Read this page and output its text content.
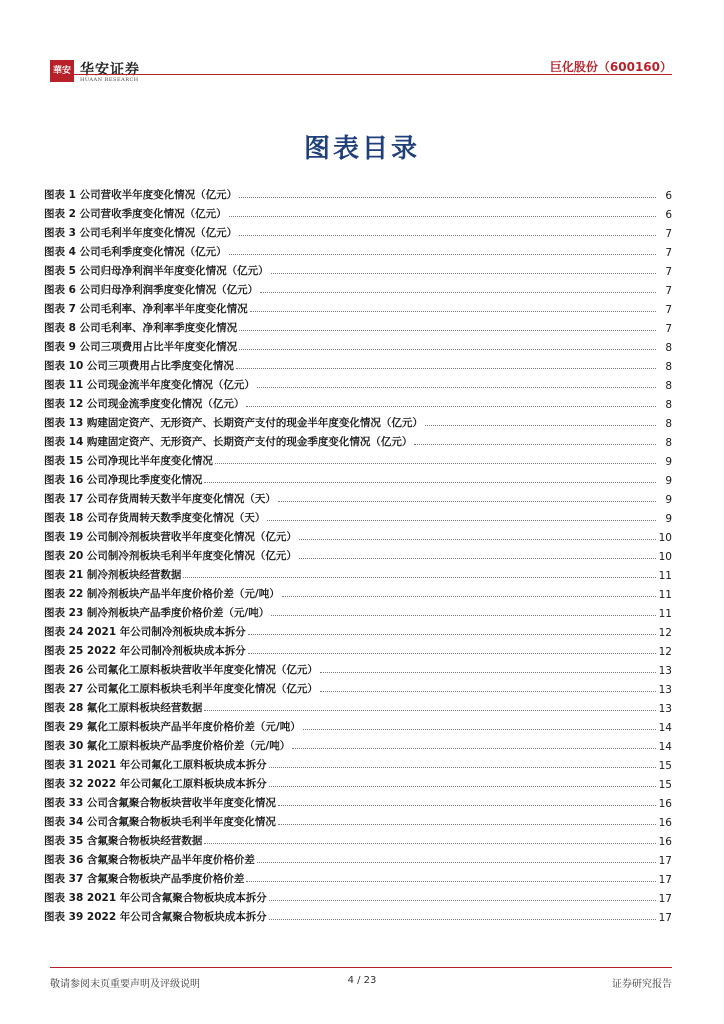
華安 华安证券
HUAAN RESEARCH
巨化股份（600160）
图表目录
图表 1 公司营收半年度变化情况（亿元）	6
图表 2 公司营收季度变化情况（亿元）	6
图表 3 公司毛利半年度变化情况（亿元）	7
图表 4 公司毛利季度变化情况（亿元）	7
图表 5 公司归母净利润半年度变化情况（亿元）	7
图表 6 公司归母净利润季度变化情况（亿元）	7
图表 7 公司毛利率、净利率半年度变化情况	7
图表 8 公司毛利率、净利率季度变化情况	7
图表 9 公司三项费用占比半年度变化情况	8
图表 10 公司三项费用占比季度变化情况	8
图表 11 公司现金流半年度变化情况（亿元）	8
图表 12 公司现金流季度变化情况（亿元）	8
图表 13 购建固定资产、无形资产、长期资产支付的现金半年度变化情况（亿元）	8
图表 14 购建固定资产、无形资产、长期资产支付的现金季度变化情况（亿元）	8
图表 15 公司净现比半年度变化情况	9
图表 16 公司净现比季度变化情况	9
图表 17 公司存货周转天数半年度变化情况（天）	9
图表 18 公司存货周转天数季度变化情况（天）	9
图表 19 公司制冷剂板块营收半年度变化情况（亿元）	10
图表 20 公司制冷剂板块毛利半年度变化情况（亿元）	10
图表 21 制冷剂板块经营数据	11
图表 22 制冷剂板块产品半年度价格价差（元/吨）	11
图表 23 制冷剂板块产品季度价格价差（元/吨）	11
图表 24 2021 年公司制冷剂板块成本拆分	12
图表 25 2022 年公司制冷剂板块成本拆分	12
图表 26 公司氟化工原料板块营收半年度变化情况（亿元）	13
图表 27 公司氟化工原料板块毛利半年度变化情况（亿元）	13
图表 28 氟化工原料板块经营数据	13
图表 29 氟化工原料板块产品半年度价格价差（元/吨）	14
图表 30 氟化工原料板块产品季度价格价差（元/吨）	14
图表 31 2021 年公司氟化工原料板块成本拆分	15
图表 32 2022 年公司氟化工原料板块成本拆分	15
图表 33 公司含氟聚合物板块营收半年度变化情况	16
图表 34 公司含氟聚合物板块毛利半年度变化情况	16
图表 35 含氟聚合物板块经营数据	16
图表 36 含氟聚合物板块产品半年度价格价差	17
图表 37 含氟聚合物板块产品季度价格价差	17
图表 38 2021 年公司含氟聚合物板块成本拆分	17
图表 39 2022 年公司含氟聚合物板块成本拆分	17
敬请参阅末页重要声明及评级说明	4 / 23	证券研究报告
